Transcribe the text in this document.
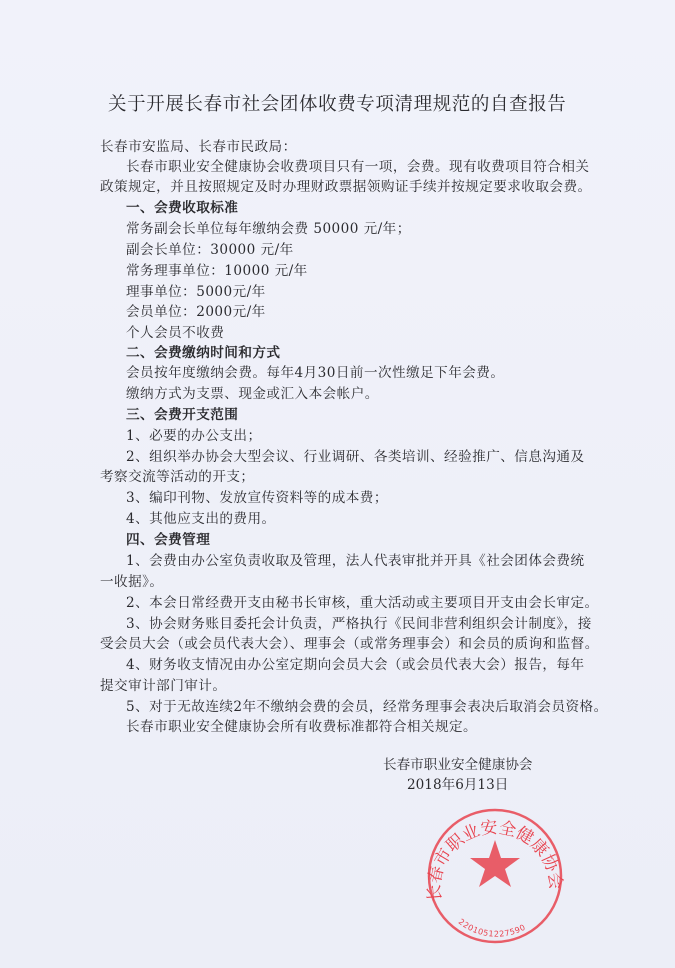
关于开展长春市社会团体收费专项清理规范的自查报告
长春市安监局、长春市民政局：
长春市职业安全健康协会收费项目只有一项，会费。现有收费项目符合相关
政策规定，并且按照规定及时办理财政票据领购证手续并按规定要求收取会费。
一、会费收取标准
常务副会长单位每年缴纳会费 50000 元/年；
副会长单位：30000 元/年
常务理事单位：10000 元/年
理事单位：5000元/年
会员单位：2000元/年
个人会员不收费
二、会费缴纳时间和方式
会员按年度缴纳会费。每年4月30日前一次性缴足下年会费。
缴纳方式为支票、现金或汇入本会帐户。
三、会费开支范围
1、必要的办公支出；
2、组织举办协会大型会议、行业调研、各类培训、经验推广、信息沟通及
考察交流等活动的开支；
3、编印刊物、发放宣传资料等的成本费；
4、其他应支出的费用。
四、会费管理
1、会费由办公室负责收取及管理，法人代表审批并开具《社会团体会费统
一收据》。
2、本会日常经费开支由秘书长审核，重大活动或主要项目开支由会长审定。
3、协会财务账目委托会计负责，严格执行《民间非营利组织会计制度》，接
受会员大会（或会员代表大会）、理事会（或常务理事会）和会员的质询和监督。
4、财务收支情况由办公室定期向会员大会（或会员代表大会）报告，每年
提交审计部门审计。
5、对于无故连续2年不缴纳会费的会员，经常务理事会表决后取消会员资格。
长春市职业安全健康协会所有收费标准都符合相关规定。
长春市职业安全健康协会
2201051227590
长春市职业安全健康协会
2018年6月13日
